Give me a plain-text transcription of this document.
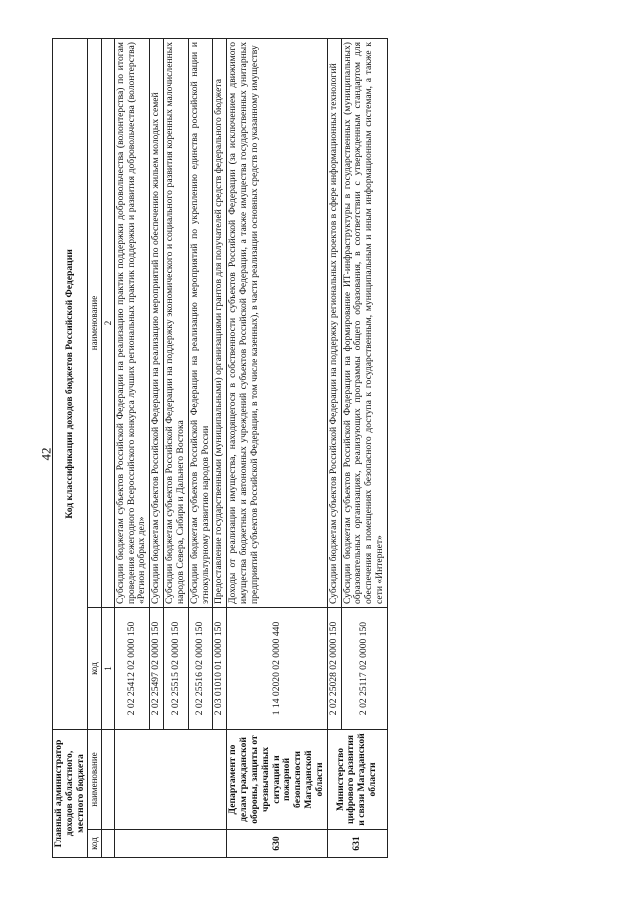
42
Главный администратор доходов областного, местного бюджета		Код классификации доходов бюджетов Российской Федерации	
код	наименование	код	наименование
		1	2
		2 02 25412 02 0000 150	Субсидии бюджетам субъектов Российской Федерации на реализацию практик поддержки добровольчества (волонтерства) по итогам проведения ежегодного Всероссийского конкурса лучших региональных практик поддержки и развития добровольчества (волонтерства) «Регион добрых дел»
		2 02 25497 02 0000 150	Субсидии бюджетам субъектов Российской Федерации на реализацию мероприятий по обеспечению жильем молодых семей
		2 02 25515 02 0000 150	Субсидии бюджетам субъектов Российской Федерации на поддержку экономического и социального развития коренных малочисленных народов Севера, Сибири и Дальнего Востока
		2 02 25516 02 0000 150	Субсидии бюджетам субъектов Российской Федерации на реализацию мероприятий по укреплению единства российской нации и этнокультурному развитию народов России
		2 03 01010 01 0000 150	Предоставление государственными (муниципальными) организациями грантов для получателей средств федерального бюджета
630	Департамент по делам гражданской обороны, защиты от чрезвычайных ситуаций и пожарной безопасности Магаданской области	1 14 02020 02 0000 440	Доходы от реализации имущества, находящегося в собственности субъектов Российской Федерации (за исключением движимого имущества бюджетных и автономных учреждений субъектов Российской Федерации, а также имущества государственных унитарных предприятий субъектов Российской Федерации, в том числе казенных), в части реализации основных средств по указанному имуществу
631	Министерство цифрового развития и связи Магаданской области	2 02 25028 02 0000 150	Субсидии бюджетам субъектов Российской Федерации на поддержку региональных проектов в сфере информационных технологий
		2 02 25117 02 0000 150	Субсидии бюджетам субъектов Российской Федерации на формирование ИТ-инфраструктуры в государственных (муниципальных) образовательных организациях, реализующих программы общего образования, в соответствии с утвержденным стандартом для обеспечения в помещениях безопасного доступа к государственным, муниципальным и иным информационным системам, а также к сети «Интернет»
